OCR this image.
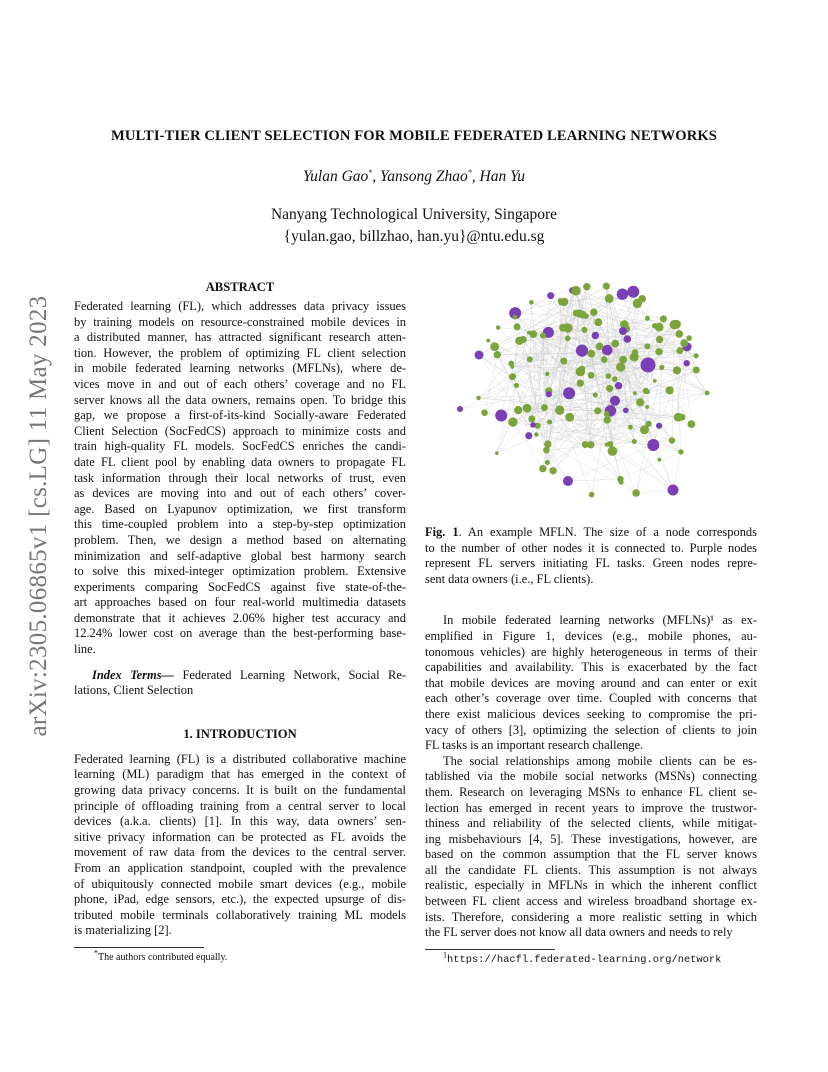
MULTI-TIER CLIENT SELECTION FOR MOBILE FEDERATED LEARNING NETWORKS
Yulan Gao*, Yansong Zhao*, Han Yu
Nanyang Technological University, Singapore
{yulan.gao, billzhao, han.yu}@ntu.edu.sg
arXiv:2305.06865v1 [cs.LG] 11 May 2023
ABSTRACT

Federated learning (FL), which addresses data privacy issues
by training models on resource-constrained mobile devices in
a distributed manner, has attracted significant research atten-
tion. However, the problem of optimizing FL client selection
in mobile federated learning networks (MFLNs), where de-
vices move in and out of each others’ coverage and no FL
server knows all the data owners, remains open. To bridge this
gap, we propose a first-of-its-kind Socially-aware Federated
Client Selection (SocFedCS) approach to minimize costs and
train high-quality FL models. SocFedCS enriches the candi-
date FL client pool by enabling data owners to propagate FL
task information through their local networks of trust, even
as devices are moving into and out of each others’ cover-
age. Based on Lyapunov optimization, we first transform
this time-coupled problem into a step-by-step optimization
problem. Then, we design a method based on alternating
minimization and self-adaptive global best harmony search
to solve this mixed-integer optimization problem. Extensive
experiments comparing SocFedCS against five state-of-the-
art approaches based on four real-world multimedia datasets
demonstrate that it achieves 2.06% higher test accuracy and
12.24% lower cost on average than the best-performing base-
line.

Index Terms— Federated Learning Network, Social Re-
lations, Client Selection

1. INTRODUCTION

Federated learning (FL) is a distributed collaborative machine
learning (ML) paradigm that has emerged in the context of
growing data privacy concerns. It is built on the fundamental
principle of offloading training from a central server to local
devices (a.k.a. clients) [1]. In this way, data owners’ sen-
sitive privacy information can be protected as FL avoids the
movement of raw data from the devices to the central server.
From an application standpoint, coupled with the prevalence
of ubiquitously connected mobile smart devices (e.g., mobile
phone, iPad, edge sensors, etc.), the expected upsurge of dis-
tributed mobile terminals collaboratively training ML models
is materializing [2].

*The authors contributed equally.

Fig. 1. An example MFLN. The size of a node corresponds
to the number of other nodes it is connected to. Purple nodes
represent FL servers initiating FL tasks. Green nodes repre-
sent data owners (i.e., FL clients).

In mobile federated learning networks (MFLNs)¹ as ex-
emplified in Figure 1, devices (e.g., mobile phones, au-
tonomous vehicles) are highly heterogeneous in terms of their
capabilities and availability. This is exacerbated by the fact
that mobile devices are moving around and can enter or exit
each other’s coverage over time. Coupled with concerns that
there exist malicious devices seeking to compromise the pri-
vacy of others [3], optimizing the selection of clients to join
FL tasks is an important research challenge.

The social relationships among mobile clients can be es-
tablished via the mobile social networks (MSNs) connecting
them. Research on leveraging MSNs to enhance FL client se-
lection has emerged in recent years to improve the trustwor-
thiness and reliability of the selected clients, while mitigat-
ing misbehaviours [4, 5]. These investigations, however, are
based on the common assumption that the FL server knows
all the candidate FL clients. This assumption is not always
realistic, especially in MFLNs in which the inherent conflict
between FL client access and wireless broadband shortage ex-
ists. Therefore, considering a more realistic setting in which
the FL server does not know all data owners and needs to rely

$^1$https://hacfl.federated-learning.org/network
